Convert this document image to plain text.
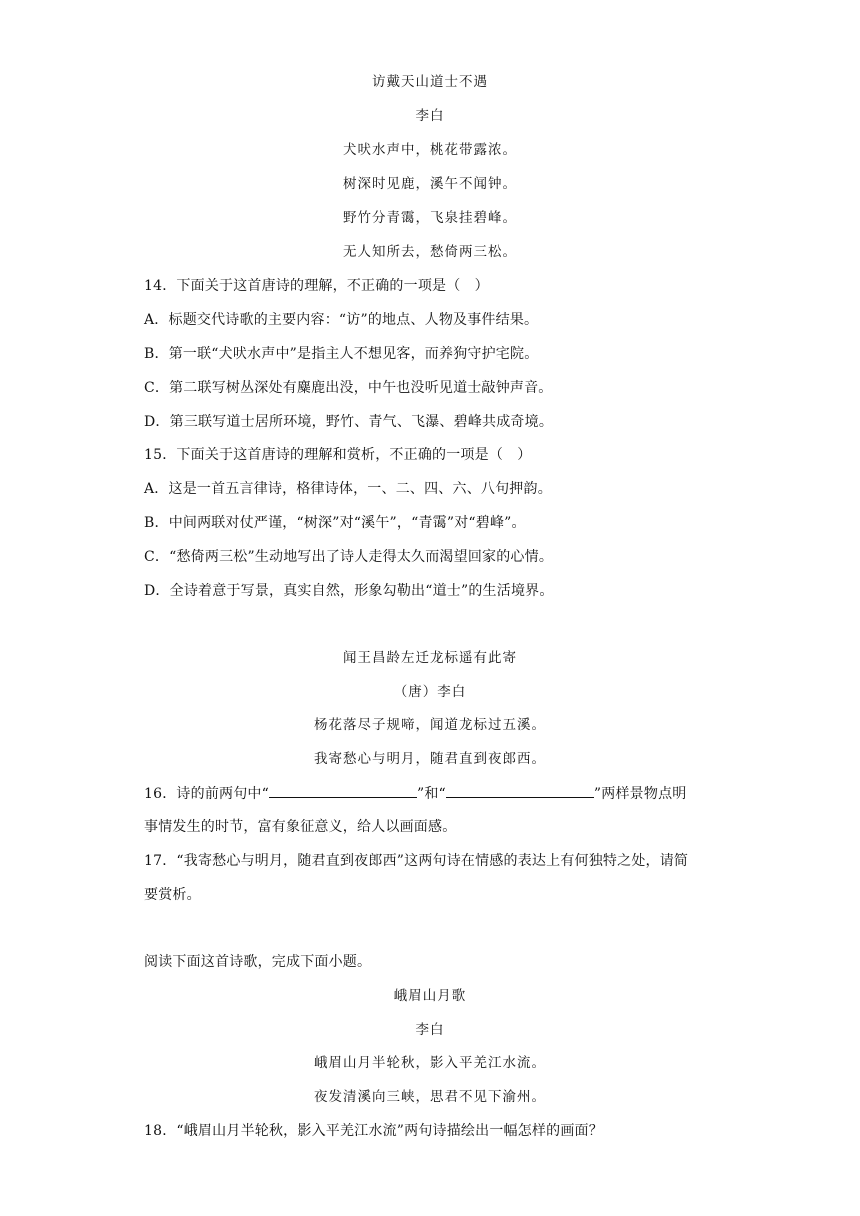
访戴天山道士不遇
李白
犬吠水声中，桃花带露浓。
树深时见鹿，溪午不闻钟。
野竹分青霭，飞泉挂碧峰。
无人知所去，愁倚两三松。
14．下面关于这首唐诗的理解，不正确的一项是（　）
A．标题交代诗歌的主要内容：“访”的地点、人物及事件结果。
B．第一联“犬吠水声中”是指主人不想见客，而养狗守护宅院。
C．第二联写树丛深处有麋鹿出没，中午也没听见道士敲钟声音。
D．第三联写道士居所环境，野竹、青气、飞瀑、碧峰共成奇境。
15．下面关于这首唐诗的理解和赏析，不正确的一项是（　）
A．这是一首五言律诗，格律诗体，一、二、四、六、八句押韵。
B．中间两联对仗严谨，“树深”对“溪午”，“青霭”对“碧峰”。
C．“愁倚两三松”生动地写出了诗人走得太久而渴望回家的心情。
D．全诗着意于写景，真实自然，形象勾勒出“道士”的生活境界。
闻王昌龄左迁龙标遥有此寄
（唐）李白
杨花落尽子规啼，闻道龙标过五溪。
我寄愁心与明月，随君直到夜郎西。
16．诗的前两句中“	”和“	”两样景物点明
事情发生的时节，富有象征意义，给人以画面感。
17．“我寄愁心与明月，随君直到夜郎西”这两句诗在情感的表达上有何独特之处，请简
要赏析。
阅读下面这首诗歌，完成下面小题。
峨眉山月歌
李白
峨眉山月半轮秋，影入平羌江水流。
夜发清溪向三峡，思君不见下渝州。
18．“峨眉山月半轮秋，影入平羌江水流”两句诗描绘出一幅怎样的画面？
